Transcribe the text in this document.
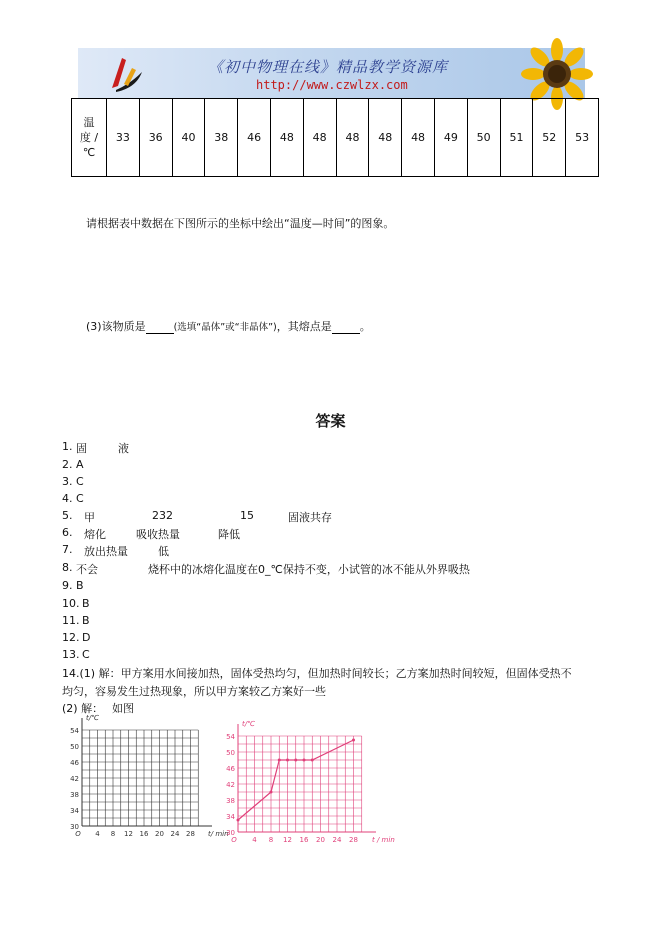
《初中物理在线》精品教学资源库
http://www.czwlzx.com
温
度 /
℃
	33	36	40	38	46	48	48	48	48	48	49	50	51	52	53
请根据表中数据在下图所示的坐标中绘出“温度—时间”的图象。
(3)该物质是	(选填“晶体”或“非晶体”)，其熔点是	。
答案
1. 固	液
2. A
3. C
4. C
5. 甲	232	15	固液共存
6. 熔化	吸收热量	降低
7. 放出热量	低
8. 不会	烧杯中的冰熔化温度在0_℃保持不变，小试管的冰不能从外界吸热
9. B
10. B
11. B
12. D
13. C
14.(1) 解：甲方案用水间接加热，固体受热均匀，但加热时间较长；乙方案加热时间较短，但固体受热不
均匀，容易发生过热现象，所以甲方案较乙方案好一些
(2) 解： 如图
30
34
38
42
46
50
54
4 8 12 16 20 24 28
O	t/ min
t/℃
30
34
38
42
46
50
54
4 8 12 16 20 24 28
O	t / min
t/℃
